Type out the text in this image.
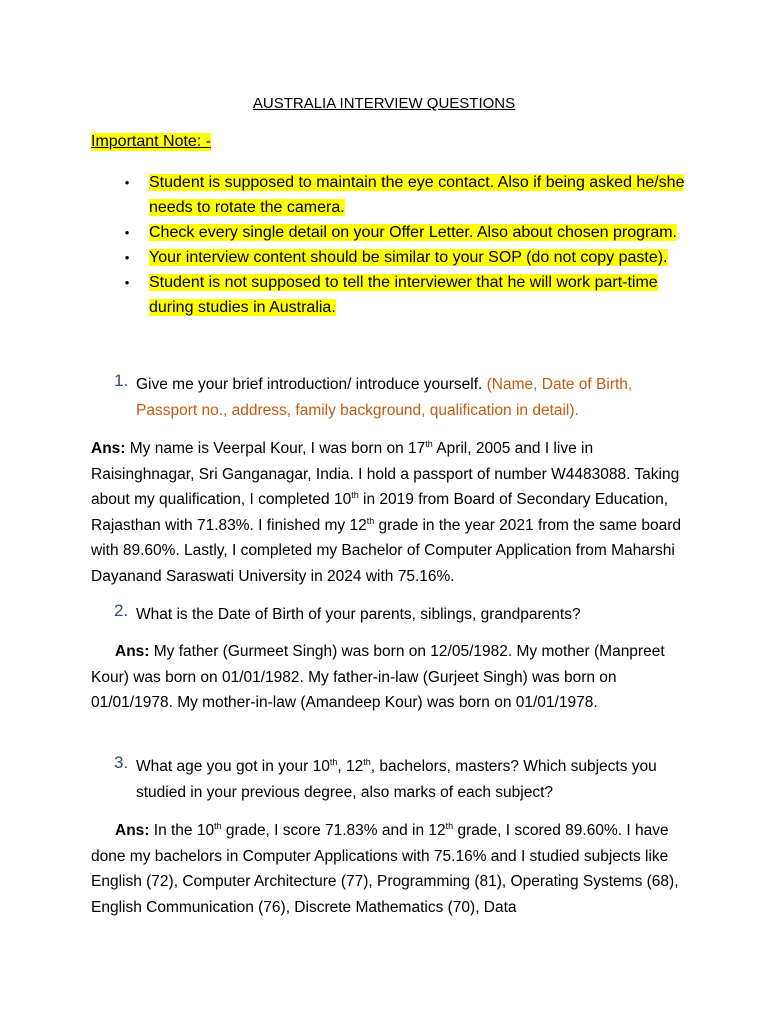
AUSTRALIA INTERVIEW QUESTIONS
Important Note: -
• Student is supposed to maintain the eye contact. Also if being asked he/she needs to rotate the camera.
• Check every single detail on your Offer Letter. Also about chosen program.
• Your interview content should be similar to your SOP (do not copy paste).
• Student is not supposed to tell the interviewer that he will work part-time during studies in Australia.
1. Give me your brief introduction/ introduce yourself. (Name, Date of Birth, Passport no., address, family background, qualification in detail).
Ans: My name is Veerpal Kour, I was born on 17th April, 2005 and I live in Raisinghnagar, Sri Ganganagar, India. I hold a passport of number W4483088. Taking about my qualification, I completed 10th in 2019 from Board of Secondary Education, Rajasthan with 71.83%. I finished my 12th grade in the year 2021 from the same board with 89.60%. Lastly, I completed my Bachelor of Computer Application from Maharshi Dayanand Saraswati University in 2024 with 75.16%.
2. What is the Date of Birth of your parents, siblings, grandparents?
Ans: My father (Gurmeet Singh) was born on 12/05/1982. My mother (Manpreet Kour) was born on 01/01/1982. My father-in-law (Gurjeet Singh) was born on 01/01/1978. My mother-in-law (Amandeep Kour) was born on 01/01/1978.
3. What age you got in your 10th, 12th, bachelors, masters? Which subjects you studied in your previous degree, also marks of each subject?
Ans: In the 10th grade, I score 71.83% and in 12th grade, I scored 89.60%. I have done my bachelors in Computer Applications with 75.16% and I studied subjects like English (72), Computer Architecture (77), Programming (81), Operating Systems (68), English Communication (76), Discrete Mathematics (70), Data
